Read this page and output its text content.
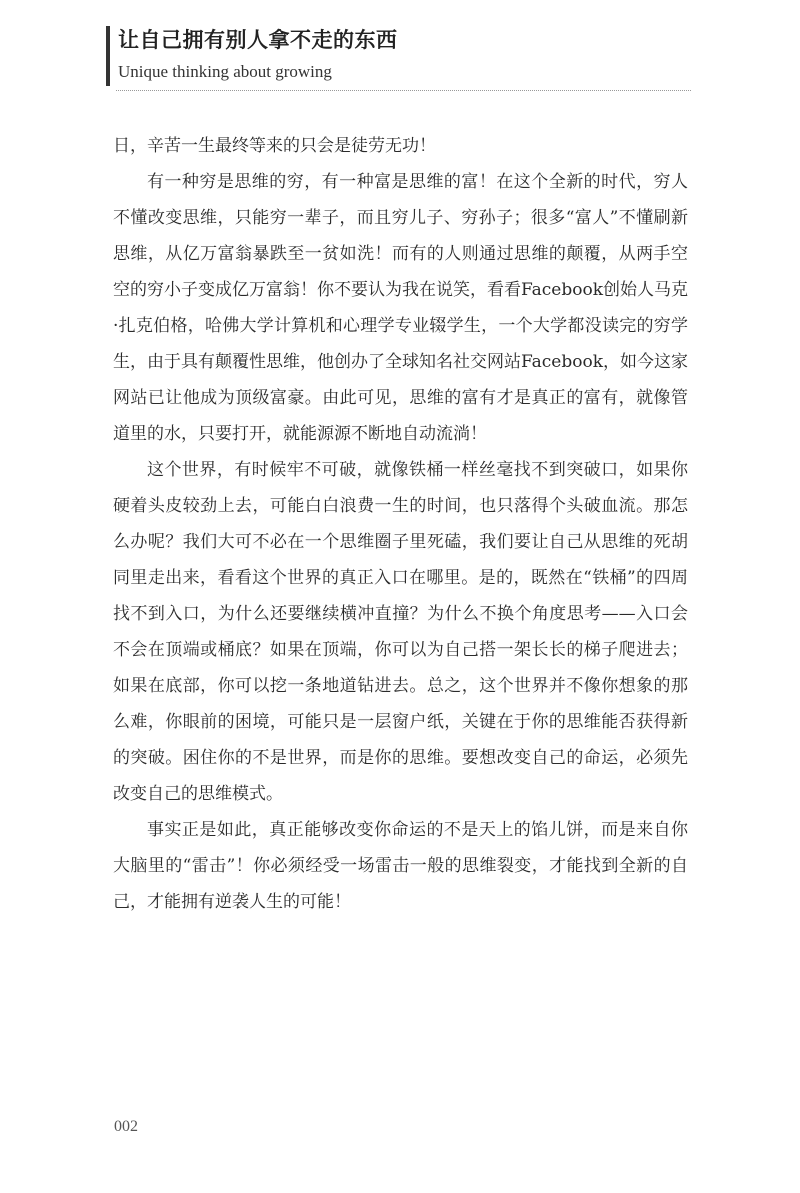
让自己拥有别人拿不走的东西
Unique thinking about growing

日，辛苦一生最终等来的只会是徒劳无功！

有一种穷是思维的穷，有一种富是思维的富！在这个全新的时代，穷人不懂改变思维，只能穷一辈子，而且穷儿子、穷孙子；很多“富人”不懂刷新思维，从亿万富翁暴跌至一贫如洗！而有的人则通过思维的颠覆，从两手空空的穷小子变成亿万富翁！你不要认为我在说笑，看看Facebook创始人马克·扎克伯格，哈佛大学计算机和心理学专业辍学生，一个大学都没读完的穷学生，由于具有颠覆性思维，他创办了全球知名社交网站Facebook，如今这家网站已让他成为顶级富豪。由此可见，思维的富有才是真正的富有，就像管道里的水，只要打开，就能源源不断地自动流淌！

这个世界，有时候牢不可破，就像铁桶一样丝毫找不到突破口，如果你硬着头皮较劲上去，可能白白浪费一生的时间，也只落得个头破血流。那怎么办呢？我们大可不必在一个思维圈子里死磕，我们要让自己从思维的死胡同里走出来，看看这个世界的真正入口在哪里。是的，既然在“铁桶”的四周找不到入口，为什么还要继续横冲直撞？为什么不换个角度思考——入口会不会在顶端或桶底？如果在顶端，你可以为自己搭一架长长的梯子爬进去；如果在底部，你可以挖一条地道钻进去。总之，这个世界并不像你想象的那么难，你眼前的困境，可能只是一层窗户纸，关键在于你的思维能否获得新的突破。困住你的不是世界，而是你的思维。要想改变自己的命运，必须先改变自己的思维模式。

事实正是如此，真正能够改变你命运的不是天上的馅儿饼，而是来自你大脑里的“雷击”！你必须经受一场雷击一般的思维裂变，才能找到全新的自己，才能拥有逆袭人生的可能！

002
